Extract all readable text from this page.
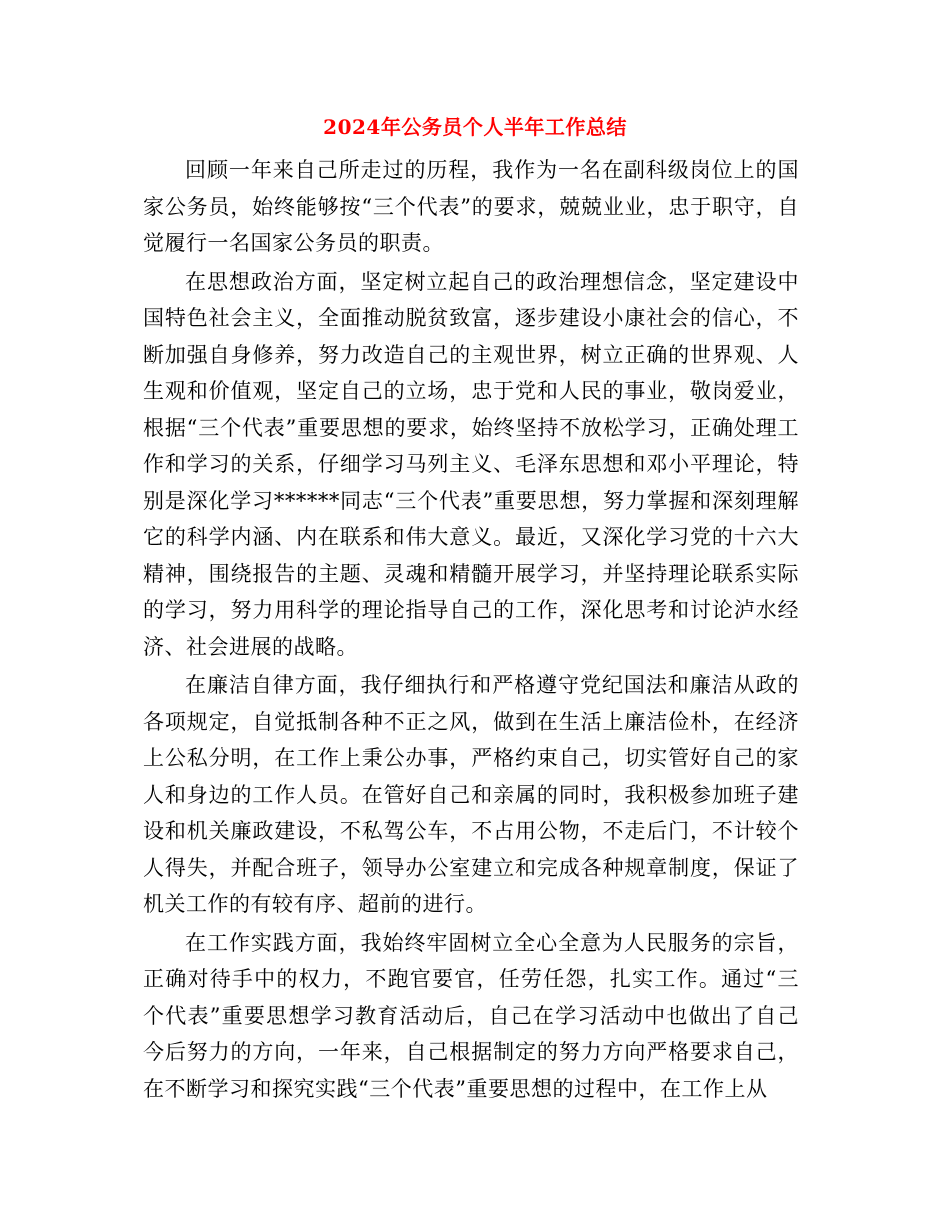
2024年公务员个人半年工作总结

回顾一年来自己所走过的历程，我作为一名在副科级岗位上的国家公务员，始终能够按“三个代表”的要求，兢兢业业，忠于职守，自觉履行一名国家公务员的职责。

在思想政治方面，坚定树立起自己的政治理想信念，坚定建设中国特色社会主义，全面推动脱贫致富，逐步建设小康社会的信心，不断加强自身修养，努力改造自己的主观世界，树立正确的世界观、人生观和价值观，坚定自己的立场，忠于党和人民的事业，敬岗爱业，根据“三个代表”重要思想的要求，始终坚持不放松学习，正确处理工作和学习的关系，仔细学习马列主义、毛泽东思想和邓小平理论，特别是深化学习******同志“三个代表”重要思想，努力掌握和深刻理解它的科学内涵、内在联系和伟大意义。最近，又深化学习党的十六大精神，围绕报告的主题、灵魂和精髓开展学习，并坚持理论联系实际的学习，努力用科学的理论指导自己的工作，深化思考和讨论泸水经济、社会进展的战略。

在廉洁自律方面，我仔细执行和严格遵守党纪国法和廉洁从政的各项规定，自觉抵制各种不正之风，做到在生活上廉洁俭朴，在经济上公私分明，在工作上秉公办事，严格约束自己，切实管好自己的家人和身边的工作人员。在管好自己和亲属的同时，我积极参加班子建设和机关廉政建设，不私驾公车，不占用公物，不走后门，不计较个人得失，并配合班子，领导办公室建立和完成各种规章制度，保证了机关工作的有较有序、超前的进行。

在工作实践方面，我始终牢固树立全心全意为人民服务的宗旨，正确对待手中的权力，不跑官要官，任劳任怨，扎实工作。通过“三个代表”重要思想学习教育活动后，自己在学习活动中也做出了自己今后努力的方向，一年来，自己根据制定的努力方向严格要求自己，在不断学习和探究实践“三个代表”重要思想的过程中，在工作上从
